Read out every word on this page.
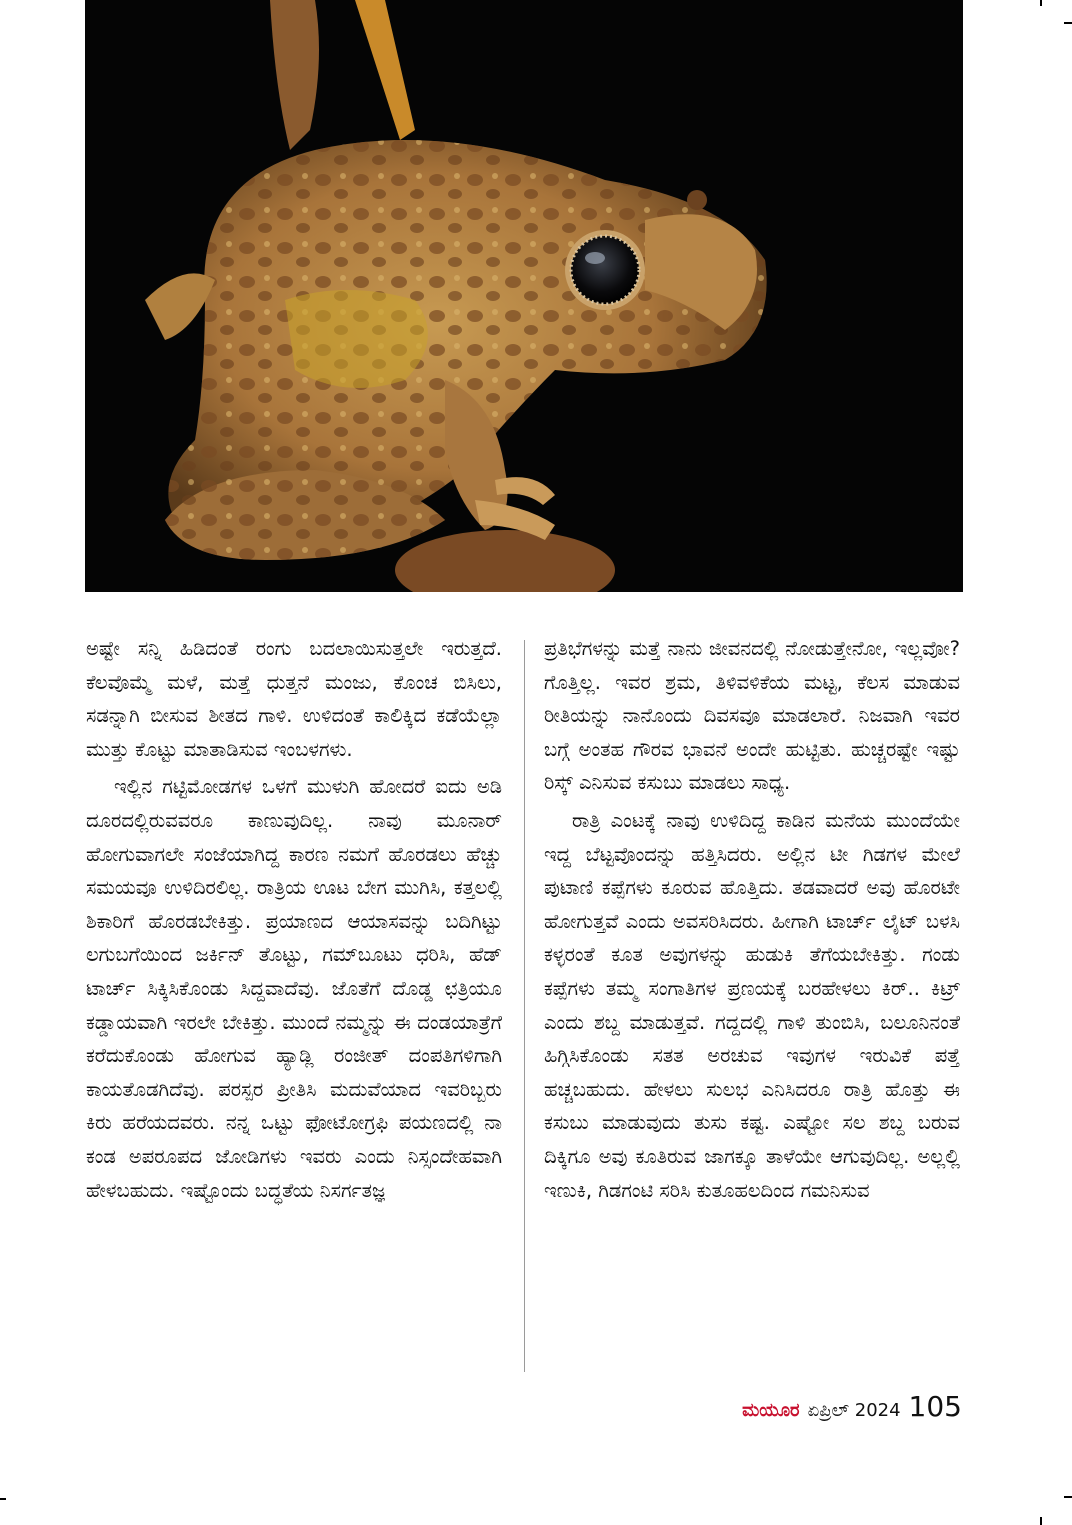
ಅಷ್ಟೇ ಸನ್ನಿ ಹಿಡಿದಂತೆ ರಂಗು ಬದಲಾಯಿಸುತ್ತಲೇ ಇರುತ್ತದೆ. ಕೆಲವೊಮ್ಮೆ ಮಳೆ, ಮತ್ತೆ ಧುತ್ತನೆ ಮಂಜು, ಕೊಂಚ ಬಿಸಿಲು, ಸಡನ್ನಾಗಿ ಬೀಸುವ ಶೀತದ ಗಾಳಿ. ಉಳಿದಂತೆ ಕಾಲಿಕ್ಕಿದ ಕಡೆಯೆಲ್ಲಾ ಮುತ್ತು ಕೊಟ್ಟು ಮಾತಾಡಿಸುವ ಇಂಬಳಗಳು.

ಇಲ್ಲಿನ ಗಟ್ಟಿಮೋಡಗಳ ಒಳಗೆ ಮುಳುಗಿ ಹೋದರೆ ಐದು ಅಡಿ ದೂರದಲ್ಲಿರುವವರೂ ಕಾಣುವುದಿಲ್ಲ. ನಾವು ಮೂನಾರ್ ಹೋಗುವಾಗಲೇ ಸಂಜೆಯಾಗಿದ್ದ ಕಾರಣ ನಮಗೆ ಹೊರಡಲು ಹೆಚ್ಚು ಸಮಯವೂ ಉಳಿದಿರಲಿಲ್ಲ. ರಾತ್ರಿಯ ಊಟ ಬೇಗ ಮುಗಿಸಿ, ಕತ್ತಲಲ್ಲಿ ಶಿಕಾರಿಗೆ ಹೊರಡಬೇಕಿತ್ತು. ಪ್ರಯಾಣದ ಆಯಾಸವನ್ನು ಬದಿಗಿಟ್ಟು ಲಗುಬಗೆಯಿಂದ ಜರ್ಕಿನ್ ತೊಟ್ಟು, ಗಮ್‌ಬೂಟು ಧರಿಸಿ, ಹೆಡ್ ಟಾರ್ಚ್ ಸಿಕ್ಕಿಸಿಕೊಂಡು ಸಿದ್ದವಾದೆವು. ಜೊತೆಗೆ ದೊಡ್ಡ ಛತ್ರಿಯೂ ಕಡ್ಡಾಯವಾಗಿ ಇರಲೇ ಬೇಕಿತ್ತು. ಮುಂದೆ ನಮ್ಮನ್ನು ಈ ದಂಡಯಾತ್ರೆಗೆ ಕರೆದುಕೊಂಡು ಹೋಗುವ ಹ್ಯಾಡ್ಲಿ ರಂಜೀತ್ ದಂಪತಿಗಳಿಗಾಗಿ ಕಾಯತೊಡಗಿದೆವು. ಪರಸ್ಪರ ಪ್ರೀತಿಸಿ ಮದುವೆಯಾದ ಇವರಿಬ್ಬರು ಕಿರು ಹರೆಯದವರು. ನನ್ನ ಒಟ್ಟು ಫೋಟೋಗ್ರಫಿ ಪಯಣದಲ್ಲಿ ನಾ ಕಂಡ ಅಪರೂಪದ ಜೋಡಿಗಳು ಇವರು ಎಂದು ನಿಸ್ಸಂದೇಹವಾಗಿ ಹೇಳಬಹುದು. ಇಷ್ಟೊಂದು ಬದ್ಧತೆಯ ನಿಸರ್ಗತಜ್ಞ

ಪ್ರತಿಭೆಗಳನ್ನು ಮತ್ತೆ ನಾನು ಜೀವನದಲ್ಲಿ ನೋಡುತ್ತೇನೋ, ಇಲ್ಲವೋ? ಗೊತ್ತಿಲ್ಲ. ಇವರ ಶ್ರಮ, ತಿಳಿವಳಿಕೆಯ ಮಟ್ಟ, ಕೆಲಸ ಮಾಡುವ ರೀತಿಯನ್ನು ನಾನೊಂದು ದಿವಸವೂ ಮಾಡಲಾರೆ. ನಿಜವಾಗಿ ಇವರ ಬಗ್ಗೆ ಅಂತಹ ಗೌರವ ಭಾವನೆ ಅಂದೇ ಹುಟ್ಟಿತು. ಹುಚ್ಚರಷ್ಟೇ ಇಷ್ಟು ರಿಸ್ಕ್ ಎನಿಸುವ ಕಸುಬು ಮಾಡಲು ಸಾಧ್ಯ.

ರಾತ್ರಿ ಎಂಟಕ್ಕೆ ನಾವು ಉಳಿದಿದ್ದ ಕಾಡಿನ ಮನೆಯ ಮುಂದೆಯೇ ಇದ್ದ ಬೆಟ್ಟವೊಂದನ್ನು ಹತ್ತಿಸಿದರು. ಅಲ್ಲಿನ ಟೀ ಗಿಡಗಳ ಮೇಲೆ ಪುಟಾಣಿ ಕಪ್ಪೆಗಳು ಕೂರುವ ಹೊತ್ತಿದು. ತಡವಾದರೆ ಅವು ಹೊರಟೇ ಹೋಗುತ್ತವೆ ಎಂದು ಅವಸರಿಸಿದರು. ಹೀಗಾಗಿ ಟಾರ್ಚ್ ಲೈಟ್ ಬಳಸಿ ಕಳ್ಳರಂತೆ ಕೂತ ಅವುಗಳನ್ನು ಹುಡುಕಿ ತೆಗೆಯಬೇಕಿತ್ತು. ಗಂಡು ಕಪ್ಪೆಗಳು ತಮ್ಮ ಸಂಗಾತಿಗಳ ಪ್ರಣಯಕ್ಕೆ ಬರಹೇಳಲು ಕಿರ್.. ಕಿಟ್ರ್ ಎಂದು ಶಬ್ದ ಮಾಡುತ್ತವೆ. ಗದ್ದದಲ್ಲಿ ಗಾಳಿ ತುಂಬಿಸಿ, ಬಲೂನಿನಂತೆ ಹಿಗ್ಗಿಸಿಕೊಂಡು ಸತತ ಅರಚುವ ಇವುಗಳ ಇರುವಿಕೆ ಪತ್ತೆ ಹಚ್ಚಬಹುದು. ಹೇಳಲು ಸುಲಭ ಎನಿಸಿದರೂ ರಾತ್ರಿ ಹೊತ್ತು ಈ ಕಸುಬು ಮಾಡುವುದು ತುಸು ಕಷ್ಟ. ಎಷ್ಟೋ ಸಲ ಶಬ್ದ ಬರುವ ದಿಕ್ಕಿಗೂ ಅವು ಕೂತಿರುವ ಜಾಗಕ್ಕೂ ತಾಳೆಯೇ ಆಗುವುದಿಲ್ಲ. ಅಲ್ಲಲ್ಲಿ ಇಣುಕಿ, ಗಿಡಗಂಟಿ ಸರಿಸಿ ಕುತೂಹಲದಿಂದ ಗಮನಿಸುವ

ಮಯೂರ ಏಪ್ರಿಲ್ 2024 105
